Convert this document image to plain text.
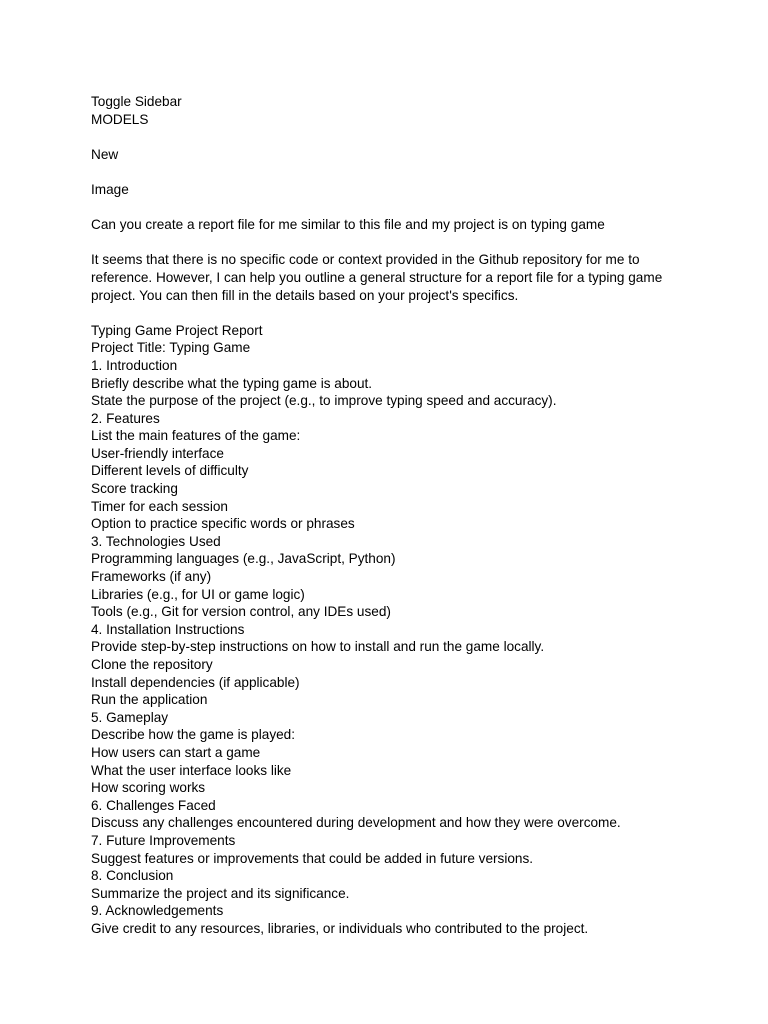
Toggle Sidebar
MODELS
New
Image
Can you create a report file for me similar to this file and my project is on typing game
It seems that there is no specific code or context provided in the Github repository for me to
reference. However, I can help you outline a general structure for a report file for a typing game
project. You can then fill in the details based on your project's specifics.
Typing Game Project Report
Project Title: Typing Game
1. Introduction
Briefly describe what the typing game is about.
State the purpose of the project (e.g., to improve typing speed and accuracy).
2. Features
List the main features of the game:
User-friendly interface
Different levels of difficulty
Score tracking
Timer for each session
Option to practice specific words or phrases
3. Technologies Used
Programming languages (e.g., JavaScript, Python)
Frameworks (if any)
Libraries (e.g., for UI or game logic)
Tools (e.g., Git for version control, any IDEs used)
4. Installation Instructions
Provide step-by-step instructions on how to install and run the game locally.
Clone the repository
Install dependencies (if applicable)
Run the application
5. Gameplay
Describe how the game is played:
How users can start a game
What the user interface looks like
How scoring works
6. Challenges Faced
Discuss any challenges encountered during development and how they were overcome.
7. Future Improvements
Suggest features or improvements that could be added in future versions.
8. Conclusion
Summarize the project and its significance.
9. Acknowledgements
Give credit to any resources, libraries, or individuals who contributed to the project.
